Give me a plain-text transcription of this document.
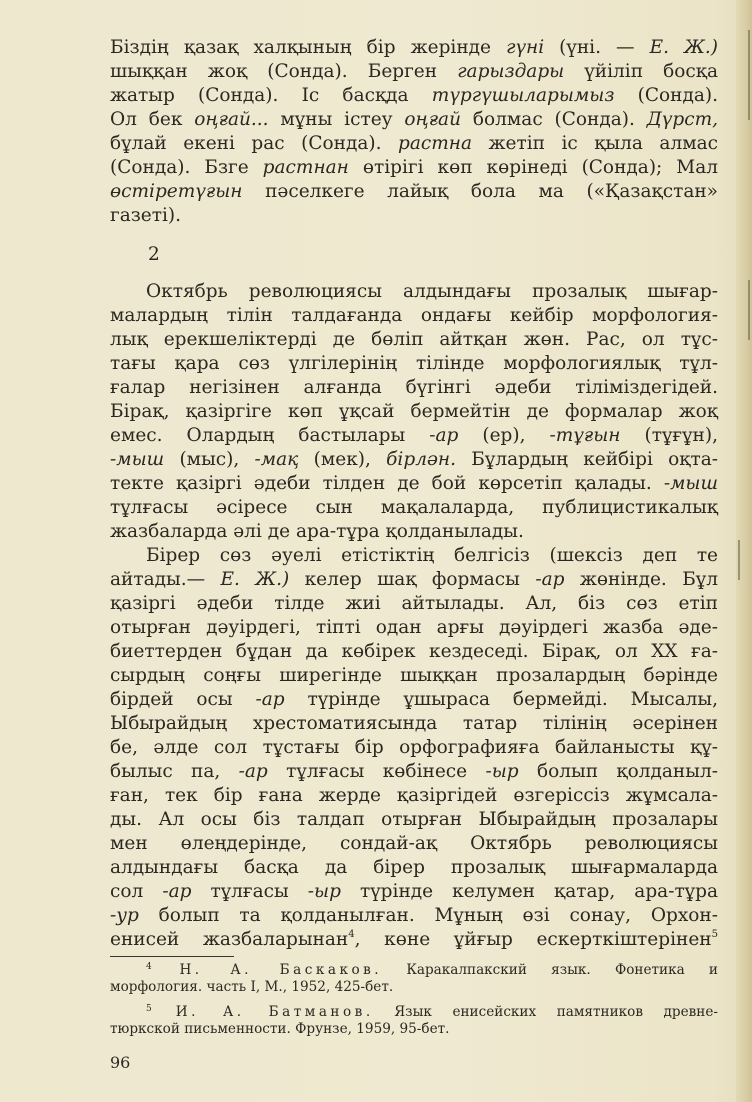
Біздің қазақ халқының бір жерінде гүні (үні. — Е. Ж.)
шыққан жоқ (Сонда). Берген гарыздары үйіліп босқа
жатыр (Сонда). Іс басқда түргүшыларымыз (Сонда).
Ол бек оңғай... мұны істеу оңғай болмас (Сонда). Дүрст,
бұлай екені рас (Сонда). растна жетіп іс қыла алмас
(Сонда). Бзге растнан өтірігі көп көрінеді (Сонда); Мал
өстіретүғын пәселкеге лайық бола ма («Қазақстан»
газеті).
2
Октябрь революциясы алдындағы прозалық шығар-
малардың тілін талдағанда ондағы кейбір морфология-
лық ерекшеліктерді де бөліп айтқан жөн. Рас, ол тұс-
тағы қара сөз үлгілерінің тілінде морфологиялық тұл-
ғалар негізінен алғанда бүгінгі әдеби тіліміздегідей.
Бірақ, қазіргіге көп ұқсай бермейтін де формалар жоқ
емес. Олардың бастылары -ар (ер), -тұғын (тұғұн),
-мыш (мыс), -мақ (мек), бірлән. Бұлардың кейбірі оқта-
текте қазіргі әдеби тілден де бой көрсетіп қалады. -мыш
тұлғасы әсіресе сын мақалаларда, публицистикалық
жазбаларда әлі де ара-тұра қолданылады.
Бірер сөз әуелі етістіктің белгісіз (шексіз деп те
айтады.— Е. Ж.) келер шақ формасы -ар жөнінде. Бұл
қазіргі әдеби тілде жиі айтылады. Ал, біз сөз етіп
отырған дәуірдегі, тіпті одан арғы дәуірдегі жазба әде-
биеттерден бұдан да көбірек кездеседі. Бірақ, ол XX ға-
сырдың соңғы ширегінде шыққан прозалардың бәрінде
бірдей осы -ар түрінде ұшыраса бермейді. Мысалы,
Ыбырайдың хрестоматиясында татар тілінің әсерінен
бе, әлде сол тұстағы бір орфографияға байланысты құ-
былыс па, -ар тұлғасы көбінесе -ыр болып қолданыл-
ған, тек бір ғана жерде қазіргідей өзгеріссіз жұмсала-
ды. Ал осы біз талдап отырған Ыбырайдың прозалары
мен өлеңдерінде, сондай-ақ Октябрь революциясы
алдындағы басқа да бірер прозалық шығармаларда
сол -ар тұлғасы -ыр түрінде келумен қатар, ара-тұра
-ур болып та қолданылған. Мұның өзі сонау, Орхон-
енисей жазбаларынан$^4$, көне ұйғыр ескерткіштерінен$^5$
$^4$ Н. А. Баскаков. Каракалпакский язык. Фонетика и
морфология. часть I, М., 1952, 425-бет.
$^5$ И. А. Батманов. Язык енисейских памятников древне-
тюркской письменности. Фрунзе, 1959, 95-бет.
96
